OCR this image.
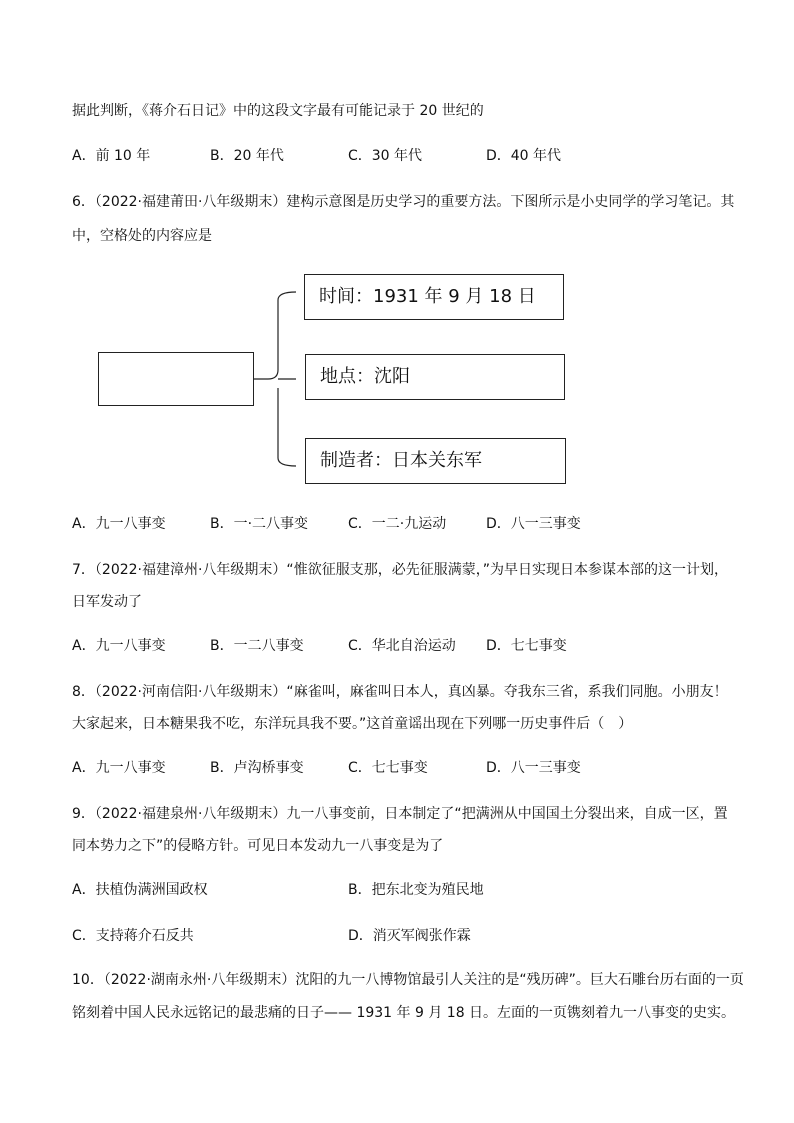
据此判断，《蒋介石日记》中的这段文字最有可能记录于 20 世纪的
A．前 10 年	B．20 年代	C．30 年代	D．40 年代
6．（2022·福建莆田·八年级期末）建构示意图是历史学习的重要方法。下图所示是小史同学的学习笔记。其
中，空格处的内容应是
时间：1931 年 9 月 18 日
地点：沈阳
制造者：日本关东军
A．九一八事变	B．一·二八事变	C．一二·九运动	D．八一三事变
7．（2022·福建漳州·八年级期末）“惟欲征服支那，必先征服满蒙，”为早日实现日本参谋本部的这一计划，
日军发动了
A．九一八事变	B．一二八事变	C．华北自治运动 D．七七事变
8．（2022·河南信阳·八年级期末）“麻雀叫，麻雀叫日本人，真凶暴。夺我东三省，系我们同胞。小朋友！
大家起来，日本糖果我不吃，东洋玩具我不要。”这首童谣出现在下列哪一历史事件后（　）
A．九一八事变	B．卢沟桥事变	C．七七事变	D．八一三事变
9．（2022·福建泉州·八年级期末）九一八事变前，日本制定了“把满洲从中国国土分裂出来，自成一区，置
同本势力之下”的侵略方针。可见日本发动九一八事变是为了
A．扶植伪满洲国政权	B．把东北变为殖民地
C．支持蒋介石反共	D．消灭军阀张作霖
10．（2022·湖南永州·八年级期末）沈阳的九一八博物馆最引人关注的是“残历碑”。巨大石雕台历右面的一页
铭刻着中国人民永远铭记的最悲痛的日子—— 1931 年 9 月 18 日。左面的一页镌刻着九一八事变的史实。
